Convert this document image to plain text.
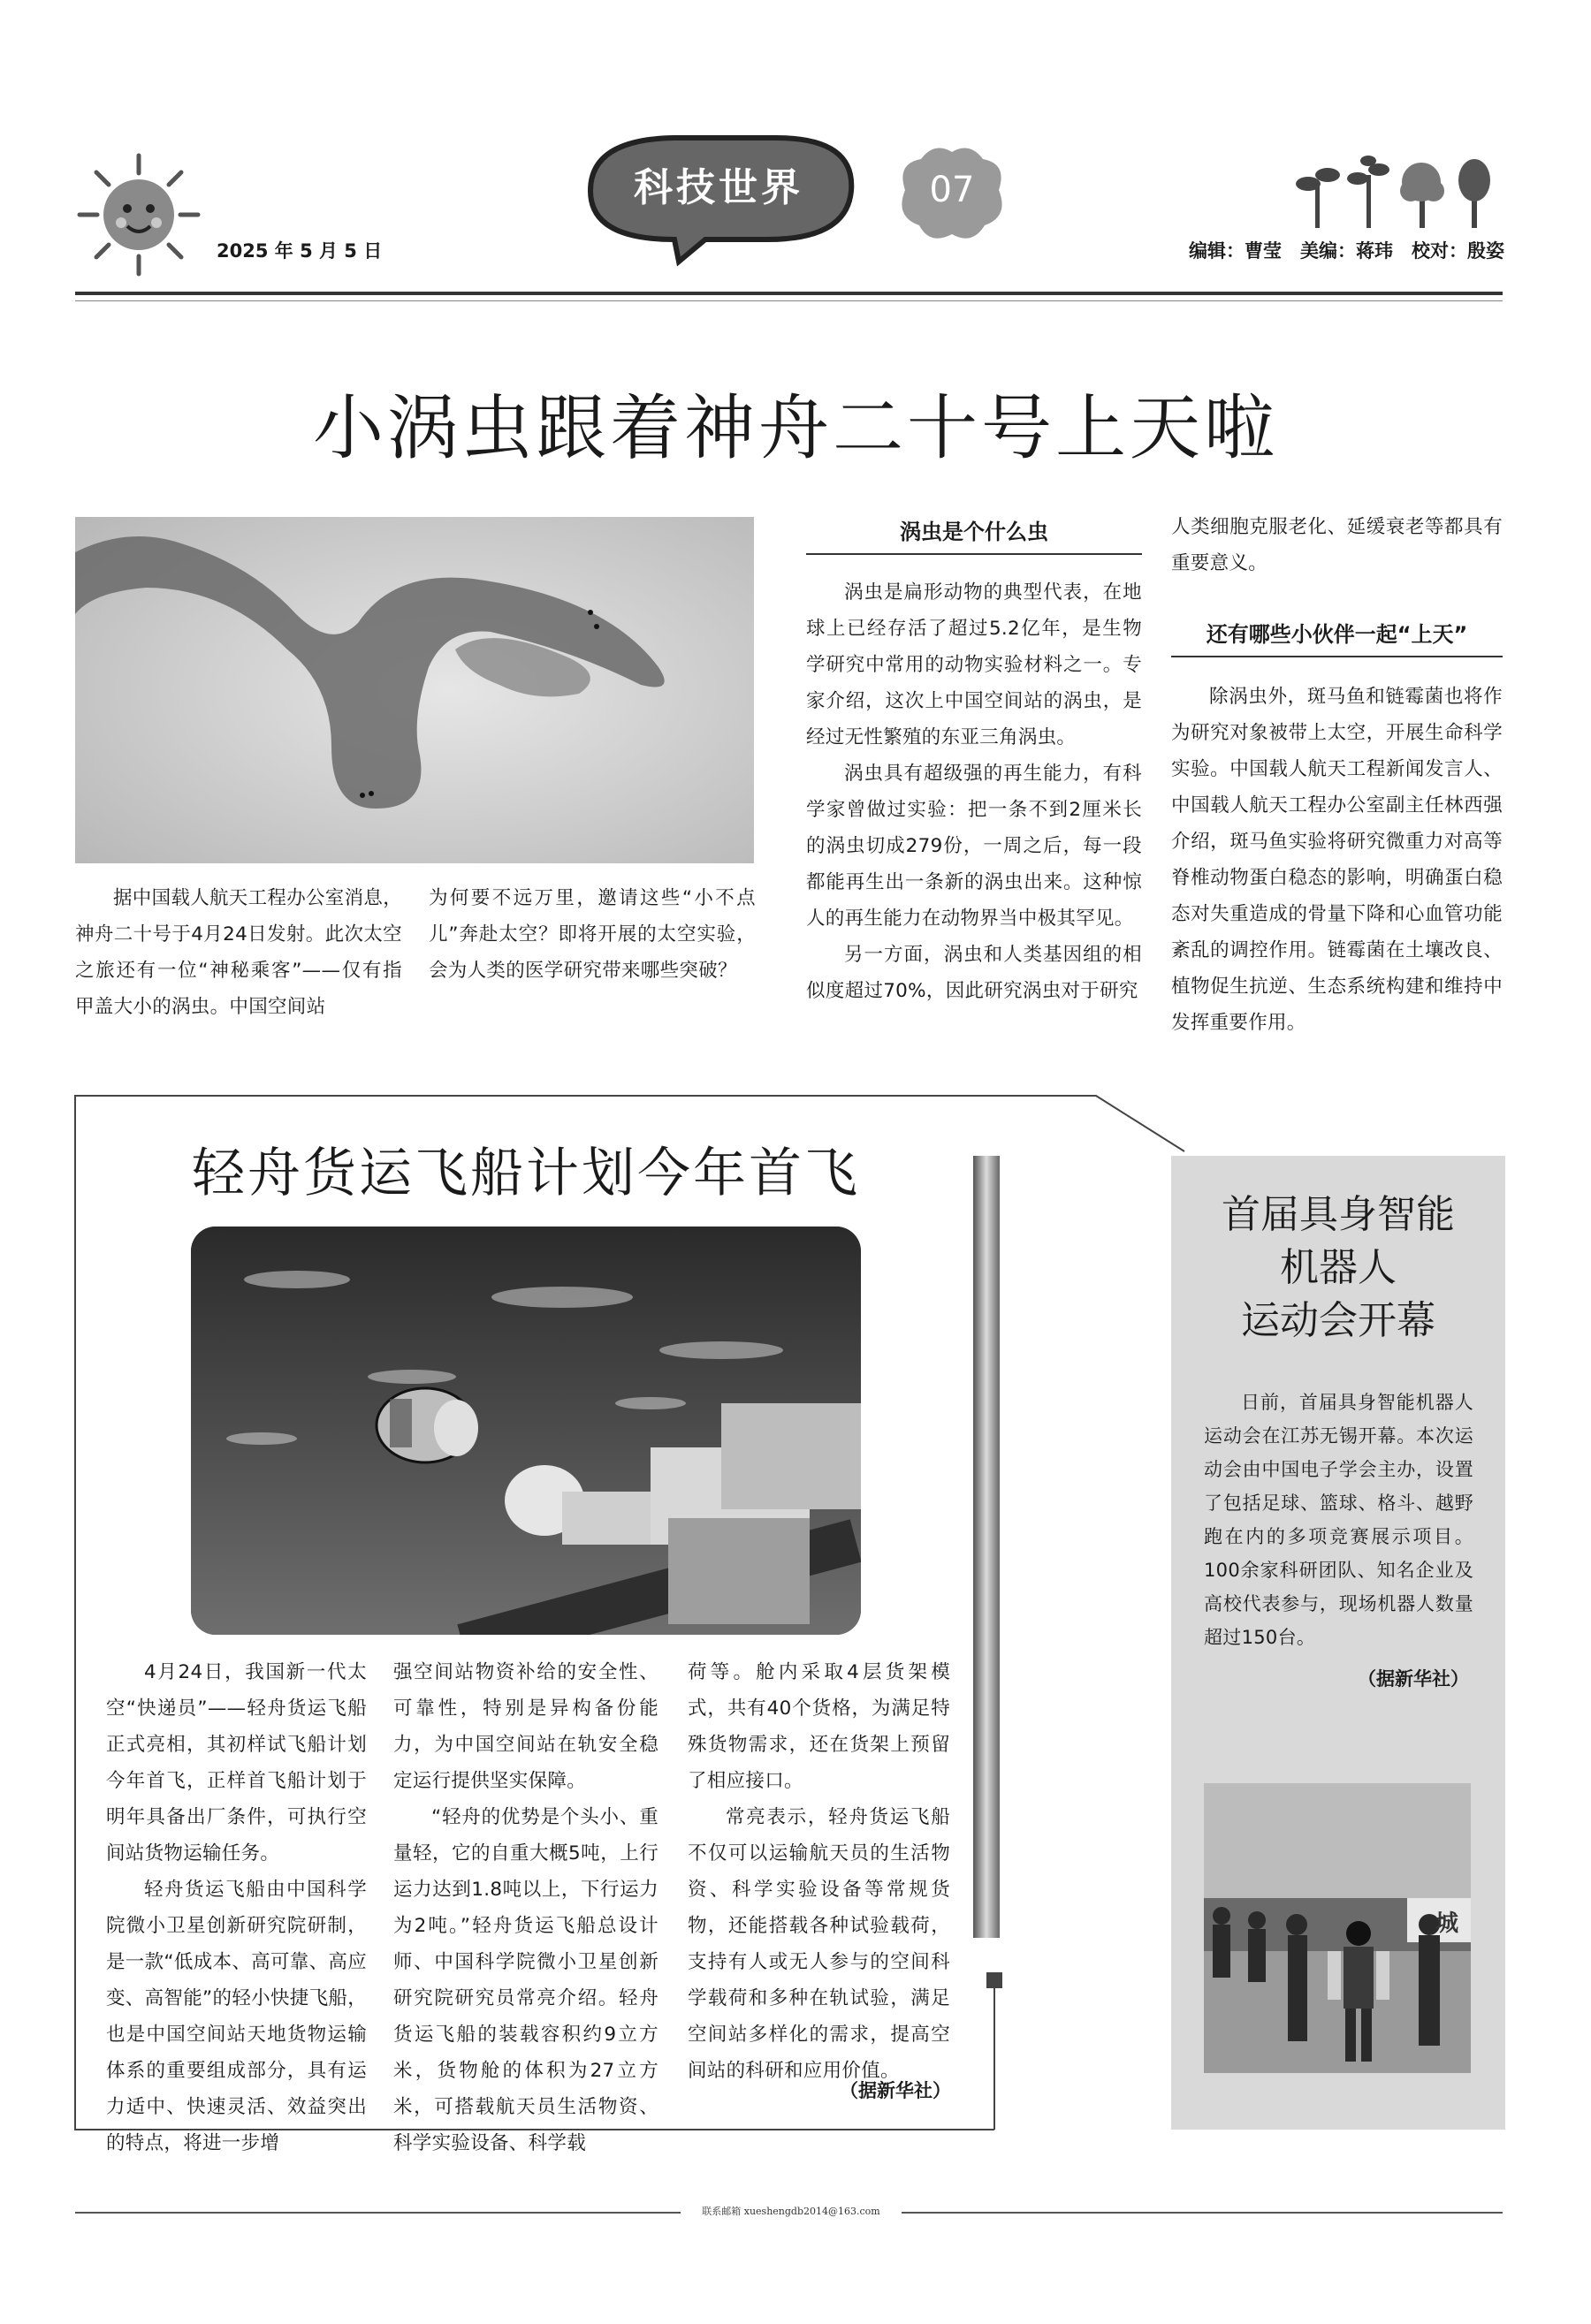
2025 年 5 月 5 日
科技世界	07
编辑：曹莹　美编：蒋玮　校对：殷姿
小涡虫跟着神舟二十号上天啦

据中国载人航天工程办公室消息，神舟二十号于4月24日发射。此次太空之旅还有一位“神秘乘客”——仅有指甲盖大小的涡虫。中国空间站

为何要不远万里，邀请这些“小不点儿”奔赴太空？即将开展的太空实验，会为人类的医学研究带来哪些突破？

涡虫是个什么虫

涡虫是扁形动物的典型代表，在地球上已经存活了超过5.2亿年，是生物学研究中常用的动物实验材料之一。专家介绍，这次上中国空间站的涡虫，是经过无性繁殖的东亚三角涡虫。

涡虫具有超级强的再生能力，有科学家曾做过实验：把一条不到2厘米长的涡虫切成279份，一周之后，每一段都能再生出一条新的涡虫出来。这种惊人的再生能力在动物界当中极其罕见。

另一方面，涡虫和人类基因组的相似度超过70%，因此研究涡虫对于研究

人类细胞克服老化、延缓衰老等都具有重要意义。

还有哪些小伙伴一起“上天”

除涡虫外，斑马鱼和链霉菌也将作为研究对象被带上太空，开展生命科学实验。中国载人航天工程新闻发言人、中国载人航天工程办公室副主任林西强介绍，斑马鱼实验将研究微重力对高等脊椎动物蛋白稳态的影响，明确蛋白稳态对失重造成的骨量下降和心血管功能紊乱的调控作用。链霉菌在土壤改良、植物促生抗逆、生态系统构建和维持中发挥重要作用。

轻舟货运飞船计划今年首飞

4月24日，我国新一代太空“快递员”——轻舟货运飞船正式亮相，其初样试飞船计划今年首飞，正样首飞船计划于明年具备出厂条件，可执行空间站货物运输任务。

轻舟货运飞船由中国科学院微小卫星创新研究院研制，是一款“低成本、高可靠、高应变、高智能”的轻小快捷飞船，也是中国空间站天地货物运输体系的重要组成部分，具有运力适中、快速灵活、效益突出的特点，将进一步增

强空间站物资补给的安全性、可靠性，特别是异构备份能力，为中国空间站在轨安全稳定运行提供坚实保障。

“轻舟的优势是个头小、重量轻，它的自重大概5吨，上行运力达到1.8吨以上，下行运力为2吨。”轻舟货运飞船总设计师、中国科学院微小卫星创新研究院研究员常亮介绍。轻舟货运飞船的装载容积约9立方米，货物舱的体积为27立方米，可搭载航天员生活物资、科学实验设备、科学载

荷等。舱内采取4层货架模式，共有40个货格，为满足特殊货物需求，还在货架上预留了相应接口。

常亮表示，轻舟货运飞船不仅可以运输航天员的生活物资、科学实验设备等常规货物，还能搭载各种试验载荷，支持有人或无人参与的空间科学载荷和多种在轨试验，满足空间站多样化的需求，提高空间站的科研和应用价值。

（据新华社）
首届具身智能
机器人
运动会开幕

日前，首届具身智能机器人运动会在江苏无锡开幕。本次运动会由中国电子学会主办，设置了包括足球、篮球、格斗、越野跑在内的多项竞赛展示项目。100余家科研团队、知名企业及高校代表参与，现场机器人数量超过150台。

（据新华社）
城
联系邮箱 xueshengdb2014@163.com
